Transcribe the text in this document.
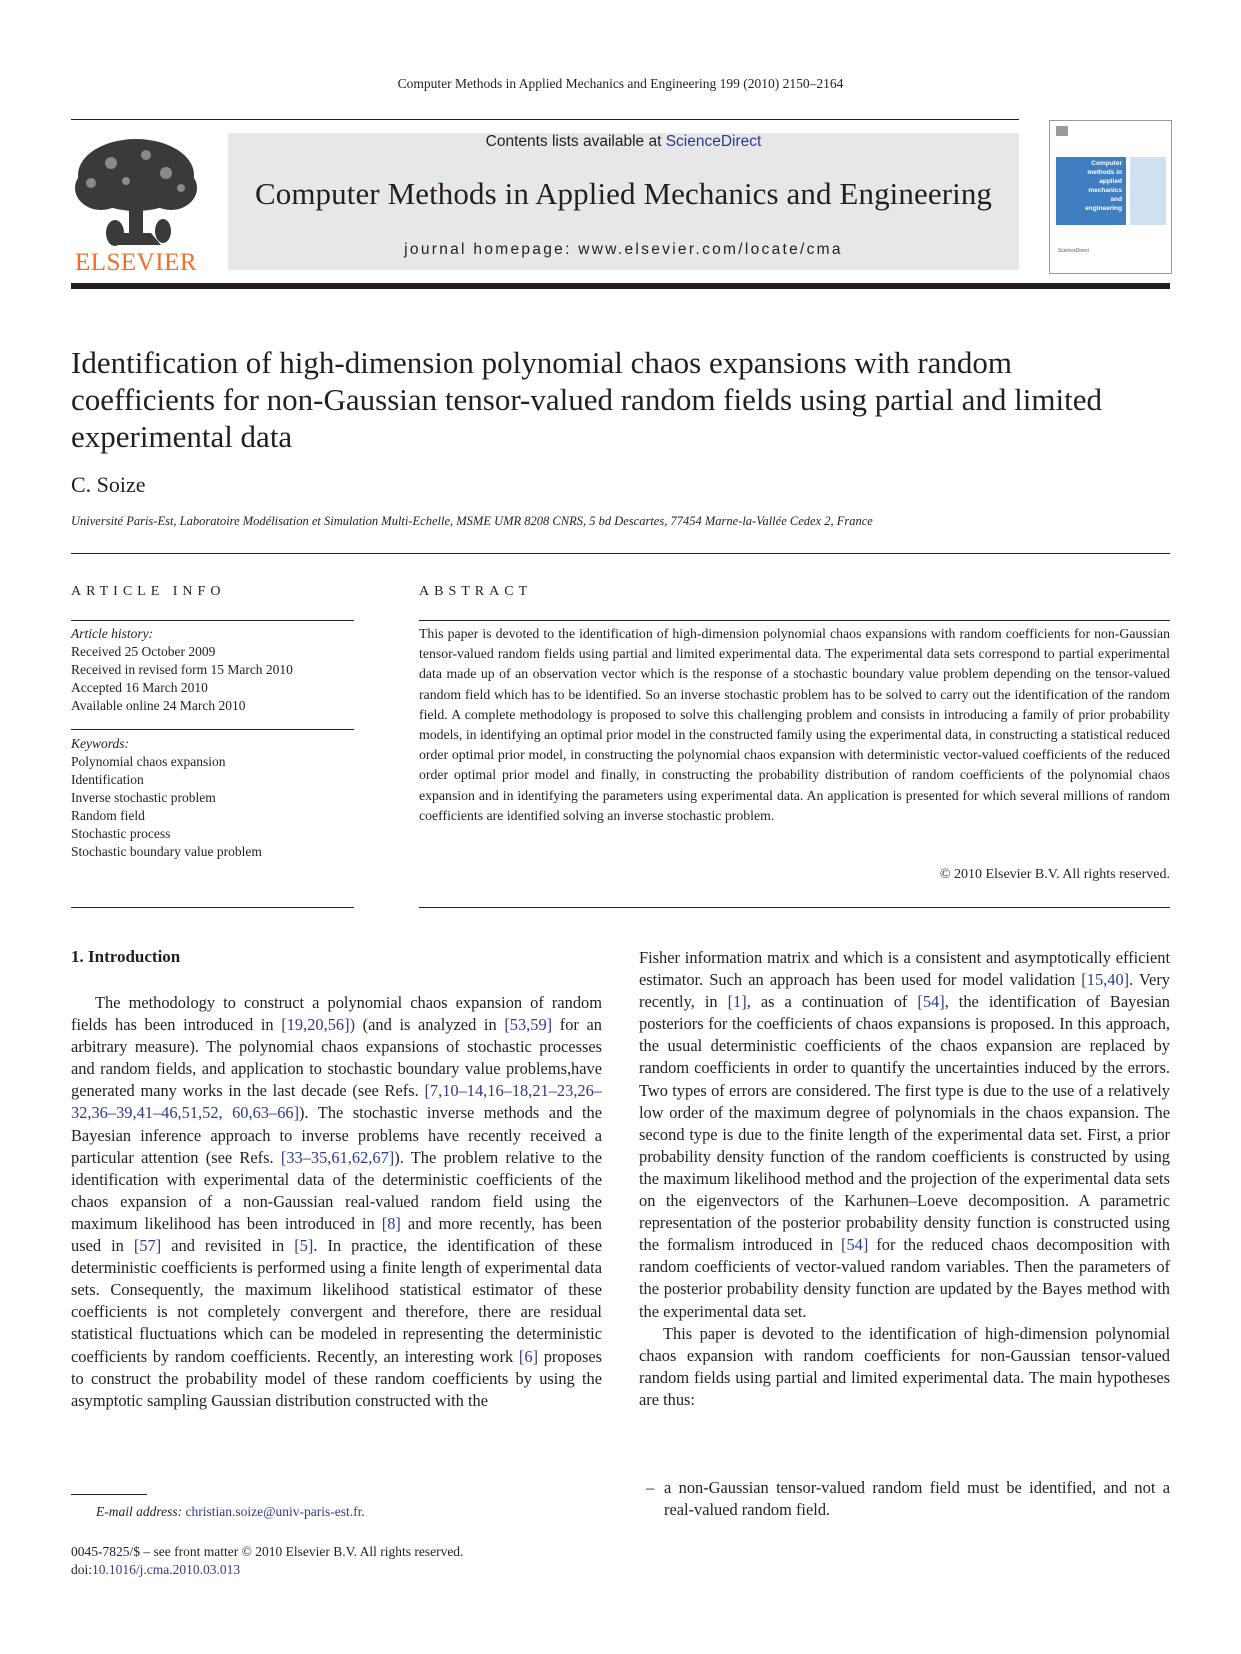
Computer Methods in Applied Mechanics and Engineering 199 (2010) 2150–2164
ELSEVIER
Contents lists available at ScienceDirect
Computer Methods in Applied Mechanics and Engineering
journal homepage: www.elsevier.com/locate/cma
Computer
methods in
applied
mechanics
and
engineering
ScienceDirect
Identification of high-dimension polynomial chaos expansions with random coefficients for non-Gaussian tensor-valued random fields using partial and limited experimental data
C. Soize
Université Paris-Est, Laboratoire Modélisation et Simulation Multi-Echelle, MSME UMR 8208 CNRS, 5 bd Descartes, 77454 Marne-la-Vallée Cedex 2, France
ARTICLE INFO
Article history:
Received 25 October 2009
Received in revised form 15 March 2010
Accepted 16 March 2010
Available online 24 March 2010
Keywords:
Polynomial chaos expansion
Identification
Inverse stochastic problem
Random field
Stochastic process
Stochastic boundary value problem
ABSTRACT
This paper is devoted to the identification of high-dimension polynomial chaos expansions with random coefficients for non-Gaussian tensor-valued random fields using partial and limited experimental data. The experimental data sets correspond to partial experimental data made up of an observation vector which is the response of a stochastic boundary value problem depending on the tensor-valued random field which has to be identified. So an inverse stochastic problem has to be solved to carry out the identification of the random field. A complete methodology is proposed to solve this challenging problem and consists in introducing a family of prior probability models, in identifying an optimal prior model in the constructed family using the experimental data, in constructing a statistical reduced order optimal prior model, in constructing the polynomial chaos expansion with deterministic vector-valued coefficients of the reduced order optimal prior model and finally, in constructing the probability distribution of random coefficients of the polynomial chaos expansion and in identifying the parameters using experimental data. An application is presented for which several millions of random coefficients are identified solving an inverse stochastic problem.
© 2010 Elsevier B.V. All rights reserved.
1. Introduction

The methodology to construct a polynomial chaos expansion of random fields has been introduced in [19,20,56]) (and is analyzed in [53,59] for an arbitrary measure). The polynomial chaos expansions of stochastic processes and random fields, and application to stochastic boundary value problems,have generated many works in the last decade (see Refs. [7,10–14,16–18,21–23,26–32,36–39,41–46,51,52, 60,63–66]). The stochastic inverse methods and the Bayesian inference approach to inverse problems have recently received a particular attention (see Refs. [33–35,61,62,67]). The problem relative to the identification with experimental data of the deterministic coefficients of the chaos expansion of a non-Gaussian real-valued random field using the maximum likelihood has been introduced in [8] and more recently, has been used in [57] and revisited in [5]. In practice, the identification of these deterministic coefficients is performed using a finite length of experimental data sets. Consequently, the maximum likelihood statistical estimator of these coefficients is not completely convergent and therefore, there are residual statistical fluctuations which can be modeled in representing the deterministic coefficients by random coefficients. Recently, an interesting work [6] proposes to construct the probability model of these random coefficients by using the asymptotic sampling Gaussian distribution constructed with the

Fisher information matrix and which is a consistent and asymptotically efficient estimator. Such an approach has been used for model validation [15,40]. Very recently, in [1], as a continuation of [54], the identification of Bayesian posteriors for the coefficients of chaos expansions is proposed. In this approach, the usual deterministic coefficients of the chaos expansion are replaced by random coefficients in order to quantify the uncertainties induced by the errors. Two types of errors are considered. The first type is due to the use of a relatively low order of the maximum degree of polynomials in the chaos expansion. The second type is due to the finite length of the experimental data set. First, a prior probability density function of the random coefficients is constructed by using the maximum likelihood method and the projection of the experimental data sets on the eigenvectors of the Karhunen–Loeve decomposition. A parametric representation of the posterior probability density function is constructed using the formalism introduced in [54] for the reduced chaos decomposition with random coefficients of vector-valued random variables. Then the parameters of the posterior probability density function are updated by the Bayes method with the experimental data set.

This paper is devoted to the identification of high-dimension polynomial chaos expansion with random coefficients for non-Gaussian tensor-valued random fields using partial and limited experimental data. The main hypotheses are thus:

– a non-Gaussian tensor-valued random field must be identified, and not a real-valued random field.
E-mail address: christian.soize@univ-paris-est.fr.
0045-7825/$ – see front matter © 2010 Elsevier B.V. All rights reserved.
doi:10.1016/j.cma.2010.03.013
